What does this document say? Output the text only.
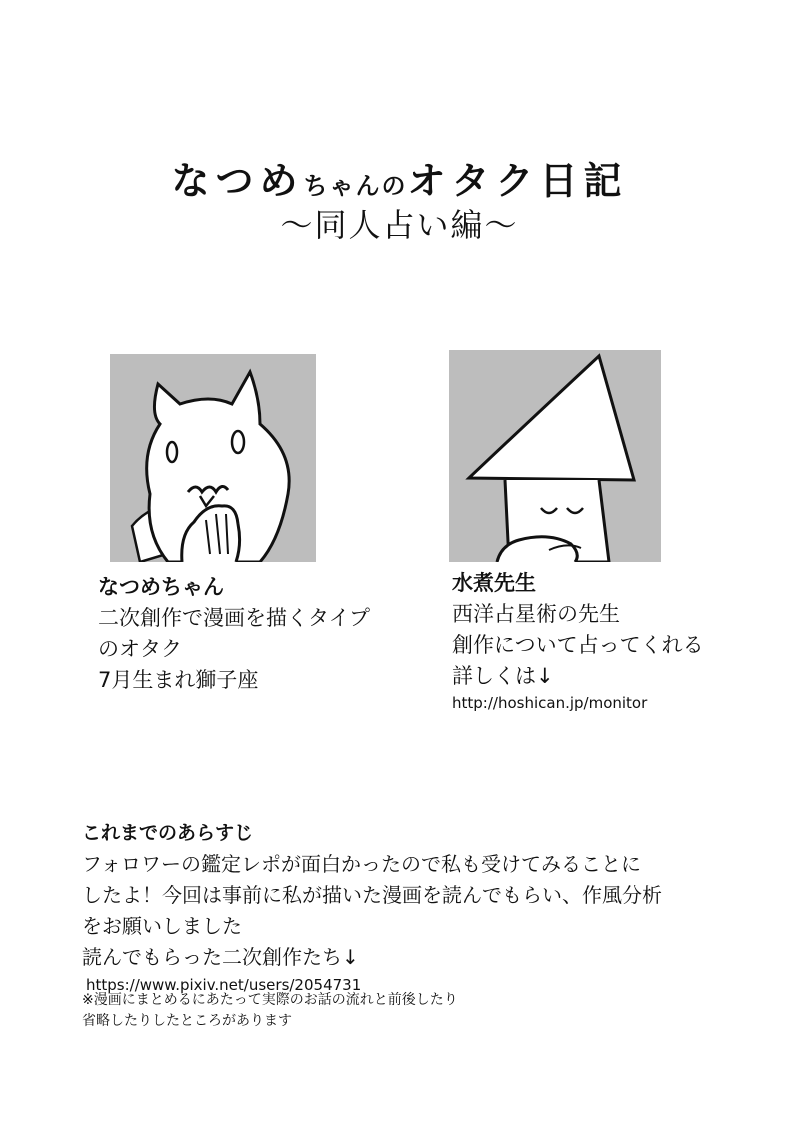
なつめちゃんのオタク日記
〜同人占い編〜
なつめちゃん
二次創作で漫画を描くタイプ
のオタク
7月生まれ獅子座
水煮先生
西洋占星術の先生
創作について占ってくれる
詳しくは↓
http://hoshican.jp/monitor
これまでのあらすじ
フォロワーの鑑定レポが面白かったので私も受けてみることに
したよ！今回は事前に私が描いた漫画を読んでもらい、作風分析
をお願いしました
読んでもらった二次創作たち↓
https://www.pixiv.net/users/2054731
※漫画にまとめるにあたって実際のお話の流れと前後したり
省略したりしたところがあります
